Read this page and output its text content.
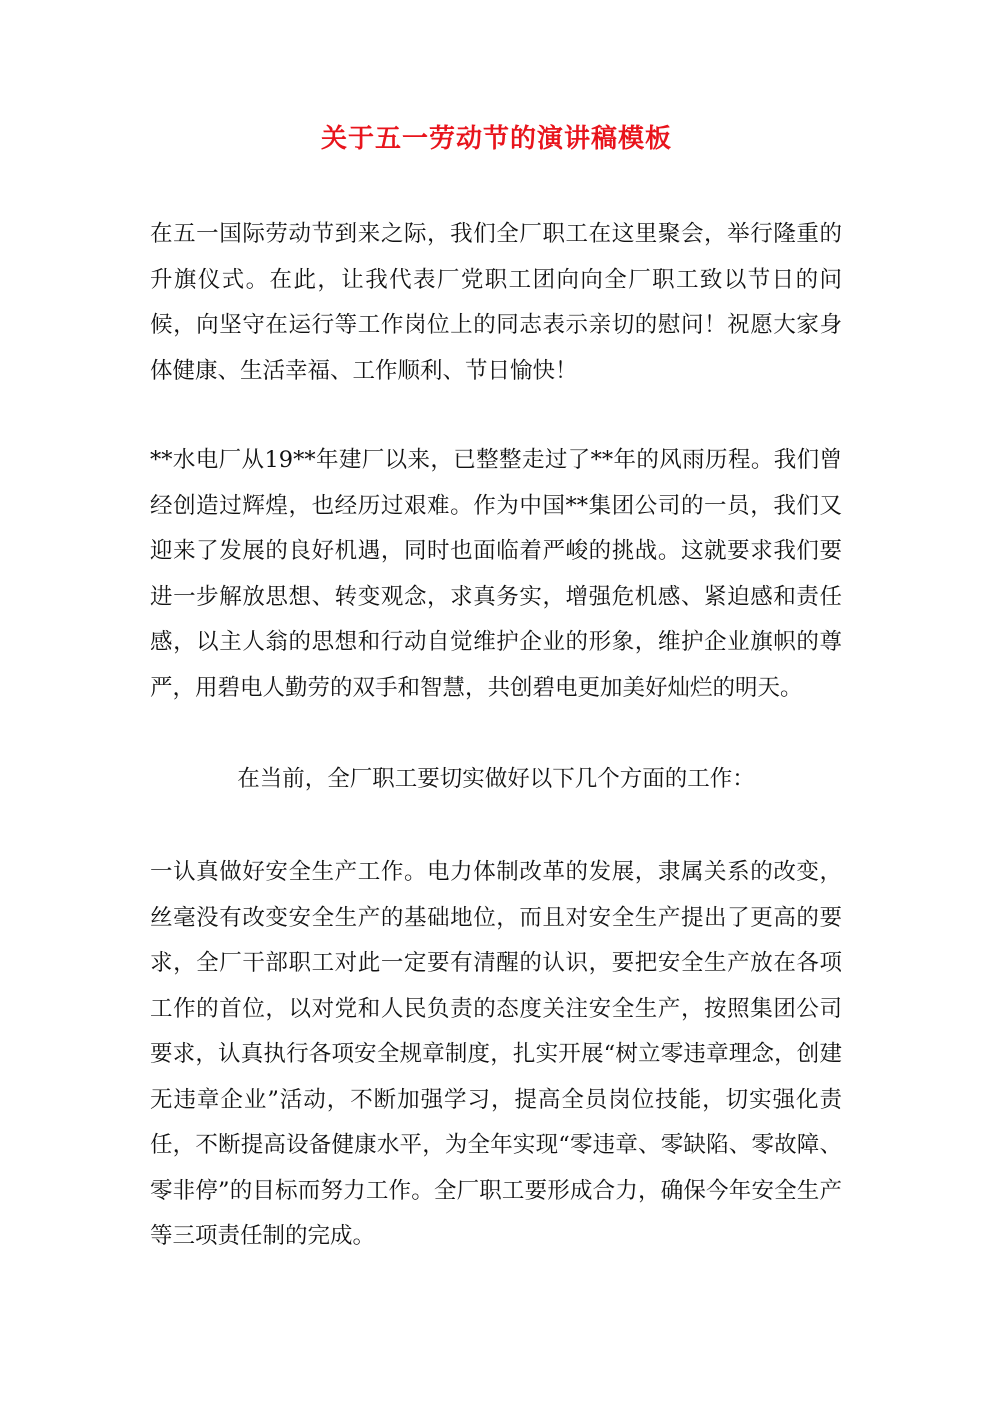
关于五一劳动节的演讲稿模板

在五一国际劳动节到来之际，我们全厂职工在这里聚会，举行隆重的升旗仪式。在此，让我代表厂党职工团向向全厂职工致以节日的问候，向坚守在运行等工作岗位上的同志表示亲切的慰问！祝愿大家身体健康、生活幸福、工作顺利、节日愉快！

**水电厂从19**年建厂以来，已整整走过了**年的风雨历程。我们曾经创造过辉煌，也经历过艰难。作为中国**集团公司的一员，我们又迎来了发展的良好机遇，同时也面临着严峻的挑战。这就要求我们要进一步解放思想、转变观念，求真务实，增强危机感、紧迫感和责任感，以主人翁的思想和行动自觉维护企业的形象，维护企业旗帜的尊严，用碧电人勤劳的双手和智慧，共创碧电更加美好灿烂的明天。

在当前，全厂职工要切实做好以下几个方面的工作：

一认真做好安全生产工作。电力体制改革的发展，隶属关系的改变，丝毫没有改变安全生产的基础地位，而且对安全生产提出了更高的要求，全厂干部职工对此一定要有清醒的认识，要把安全生产放在各项工作的首位，以对党和人民负责的态度关注安全生产，按照集团公司要求，认真执行各项安全规章制度，扎实开展“树立零违章理念，创建无违章企业”活动，不断加强学习，提高全员岗位技能，切实强化责任，不断提高设备健康水平，为全年实现“零违章、零缺陷、零故障、零非停”的目标而努力工作。全厂职工要形成合力，确保今年安全生产等三项责任制的完成。
